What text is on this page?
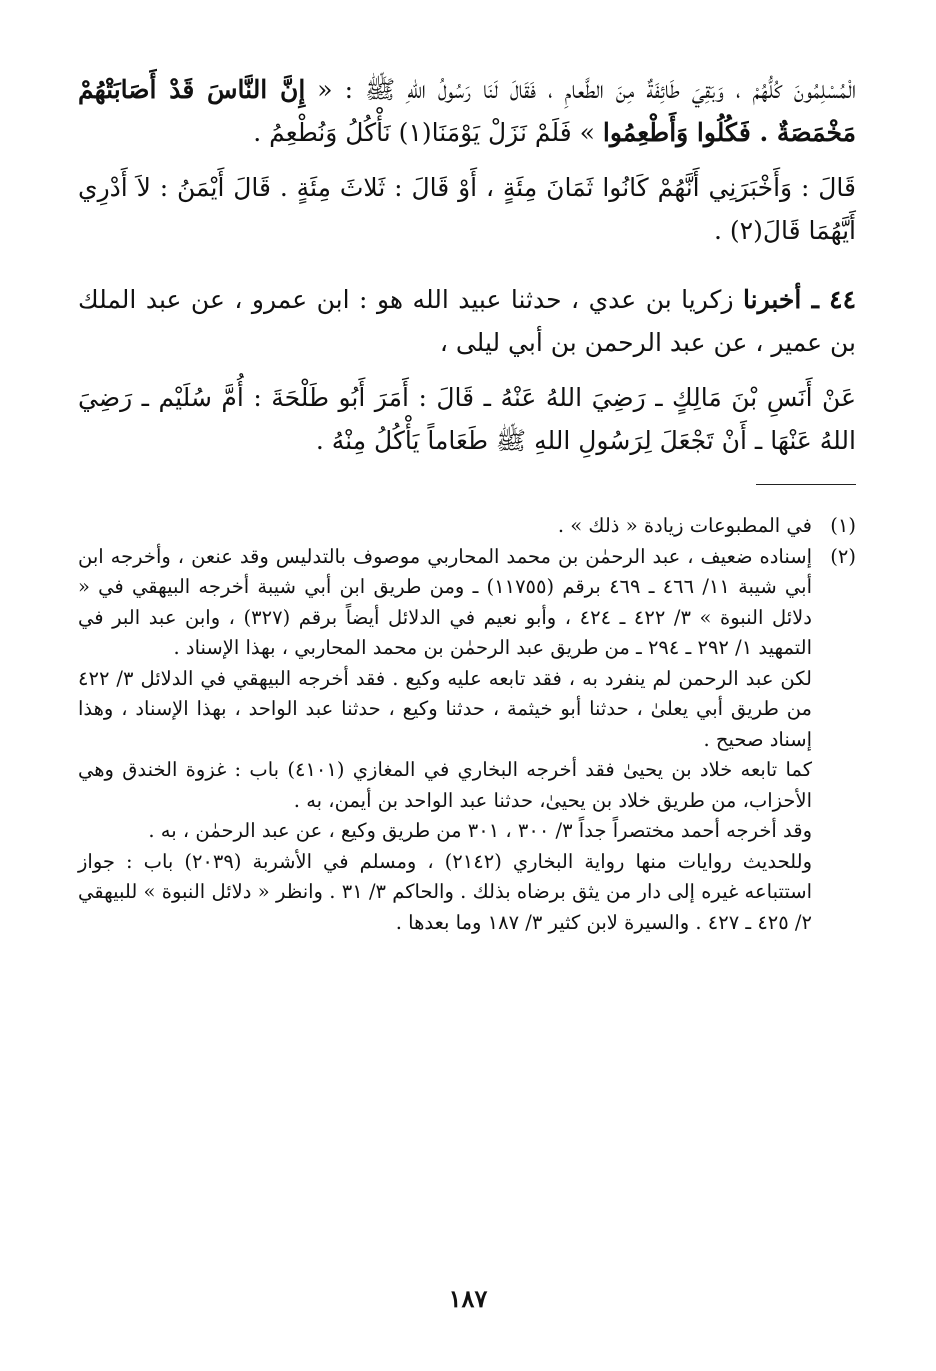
الْمُسْلِمُونَ كُلُّهُمْ ، وَبَقِيَ طَائِفَةٌ مِنَ الطَّعامِ ، فَقَالَ لَنَا رَسُولُ اللهِ ﷺ : « إِنَّ النَّاسَ قَدْ أَصَابَتْهُمْ مَخْمَصَةٌ . فَكُلُوا وَأَطْعِمُوا » فَلَمْ نَزَلْ يَوْمَنَا(١) نَأْكُلُ وَنُطْعِمُ .

قَالَ : وَأَخْبَرَنِي أَنَّهُمْ كَانُوا ثَمَانَ مِئَةٍ ، أَوْ قَالَ : ثَلاثَ مِئَةٍ . قَالَ أَيْمَنُ : لاَ أَدْرِي أَيَّهُمَا قَالَ(٢) .

٤٤ ـ أخبرنا زكريا بن عدي ، حدثنا عبيد الله هو : ابن عمرو ، عن عبد الملك بن عمير ، عن عبد الرحمن بن أبي ليلى ،

عَنْ أَنَسِ بْنَ مَالِكٍ ـ رَضِيَ اللهُ عَنْهُ ـ قَالَ : أَمَرَ أَبُو طَلْحَةَ : أُمَّ سُلَيْم ـ رَضِيَ اللهُ عَنْهَا ـ أَنْ تَجْعَلَ لِرَسُولِ اللهِ ﷺ طَعَاماً يَأْكُلُ مِنْهُ .

(١)
في المطبوعات زيادة « ذلك » .
(٢)
إسناده ضعيف ، عبد الرحمٰن بن محمد المحاربي موصوف بالتدليس وقد عنعن ، وأخرجه ابن أبي شيبة ١١/ ٤٦٦ ـ ٤٦٩ برقم (١١٧٥٥) ـ ومن طريق ابن أبي شيبة أخرجه البيهقي في « دلائل النبوة » ٣/ ٤٢٢ ـ ٤٢٤ ، وأبو نعيم في الدلائل أيضاً برقم (٣٢٧) ، وابن عبد البر في التمهيد ١/ ٢٩٢ ـ ٢٩٤ ـ من طريق عبد الرحمٰن بن محمد المحاربي ، بهذا الإسناد .
لكن عبد الرحمن لم ينفرد به ، فقد تابعه عليه وكيع . فقد أخرجه البيهقي في الدلائل ٣/ ٤٢٢ من طريق أبي يعلىٰ ، حدثنا أبو خيثمة ، حدثنا وكيع ، حدثنا عبد الواحد ، بهذا الإسناد ، وهذا إسناد صحيح .
كما تابعه خلاد بن يحيىٰ فقد أخرجه البخاري في المغازي (٤١٠١) باب : غزوة الخندق وهي الأحزاب، من طريق خلاد بن يحيىٰ، حدثنا عبد الواحد بن أيمن، به .
وقد أخرجه أحمد مختصراً جداً ٣/ ٣٠٠ ، ٣٠١ من طريق وكيع ، عن عبد الرحمٰن ، به .
وللحديث روايات منها رواية البخاري (٢١٤٢) ، ومسلم في الأشربة (٢٠٣٩) باب : جواز استتباعه غيره إلى دار من يثق برضاه بذلك . والحاكم ٣/ ٣١ . وانظر « دلائل النبوة » للبيهقي ٢/ ٤٢٥ ـ ٤٢٧ . والسيرة لابن كثير ٣/ ١٨٧ وما بعدها .
١٨٧
